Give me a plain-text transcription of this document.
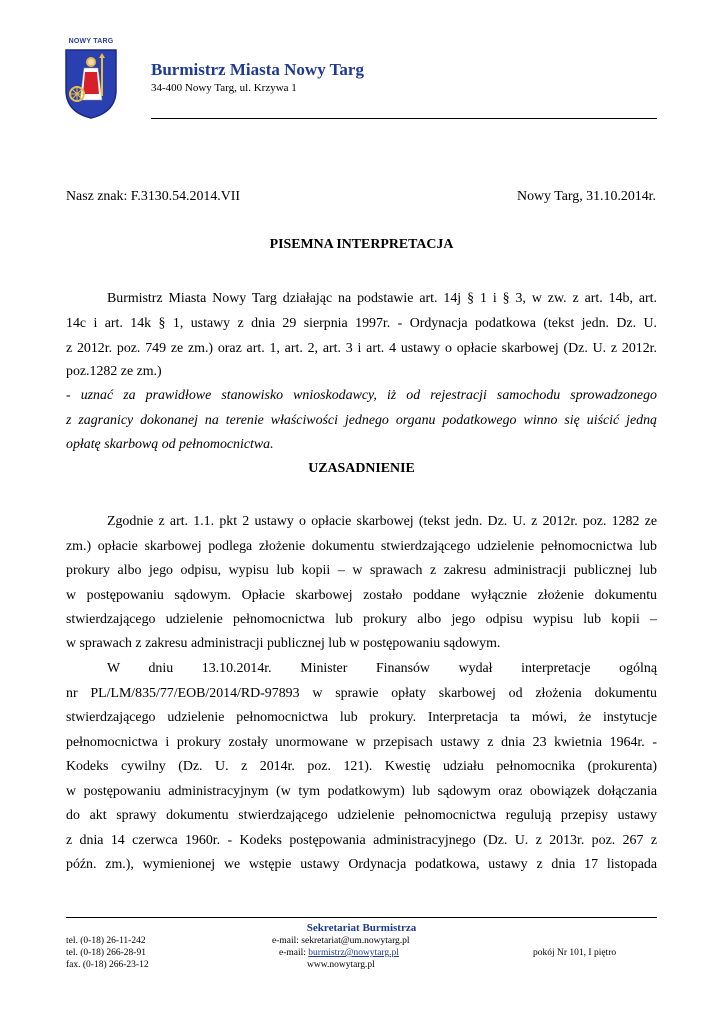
NOWY TARG
Burmistrz Miasta Nowy Targ
34-400 Nowy Targ, ul. Krzywa 1
Nasz znak: F.3130.54.2014.VII	Nowy Targ, 31.10.2014r.
PISEMNA INTERPRETACJA
Burmistrz Miasta Nowy Targ działając na podstawie art. 14j § 1 i § 3, w zw. z art. 14b, art.
14c i art. 14k § 1, ustawy z dnia 29 sierpnia 1997r. - Ordynacja podatkowa (tekst jedn. Dz. U.
z 2012r. poz. 749 ze zm.) oraz art. 1, art. 2, art. 3 i art. 4 ustawy o opłacie skarbowej (Dz. U. z 2012r.
poz.1282 ze zm.)
- uznać za prawidłowe stanowisko wnioskodawcy, iż od rejestracji samochodu sprowadzonego
z zagranicy dokonanej na terenie właściwości jednego organu podatkowego winno się uiścić jedną
opłatę skarbową od pełnomocnictwa.
UZASADNIENIE
Zgodnie z art. 1.1. pkt 2 ustawy o opłacie skarbowej (tekst jedn. Dz. U. z 2012r. poz. 1282 ze
zm.) opłacie skarbowej podlega złożenie dokumentu stwierdzającego udzielenie pełnomocnictwa lub
prokury albo jego odpisu, wypisu lub kopii – w sprawach z zakresu administracji publicznej lub
w postępowaniu sądowym. Opłacie skarbowej zostało poddane wyłącznie złożenie dokumentu
stwierdzającego udzielenie pełnomocnictwa lub prokury albo jego odpisu wypisu lub kopii –
w sprawach z zakresu administracji publicznej lub w postępowaniu sądowym.
W dniu 13.10.2014r. Minister Finansów wydał interpretacje ogólną
nr PL/LM/835/77/EOB/2014/RD-97893 w sprawie opłaty skarbowej od złożenia dokumentu
stwierdzającego udzielenie pełnomocnictwa lub prokury. Interpretacja ta mówi, że instytucje
pełnomocnictwa i prokury zostały unormowane w przepisach ustawy z dnia 23 kwietnia 1964r. -
Kodeks cywilny (Dz. U. z 2014r. poz. 121). Kwestię udziału pełnomocnika (prokurenta)
w postępowaniu administracyjnym (w tym podatkowym) lub sądowym oraz obowiązek dołączania
do akt sprawy dokumentu stwierdzającego udzielenie pełnomocnictwa regulują przepisy ustawy
z dnia 14 czerwca 1960r. - Kodeks postępowania administracyjnego (Dz. U. z 2013r. poz. 267 z
późn. zm.), wymienionej we wstępie ustawy Ordynacja podatkowa, ustawy z dnia 17 listopada
Sekretariat Burmistrza
tel. (0-18) 26-11-242
tel. (0-18) 266-28-91
fax. (0-18) 266-23-12
e-mail: sekretariat@um.nowytarg.pl
e-mail: burmistrz@nowytarg.pl
www.nowytarg.pl
pokój Nr 101, I piętro
